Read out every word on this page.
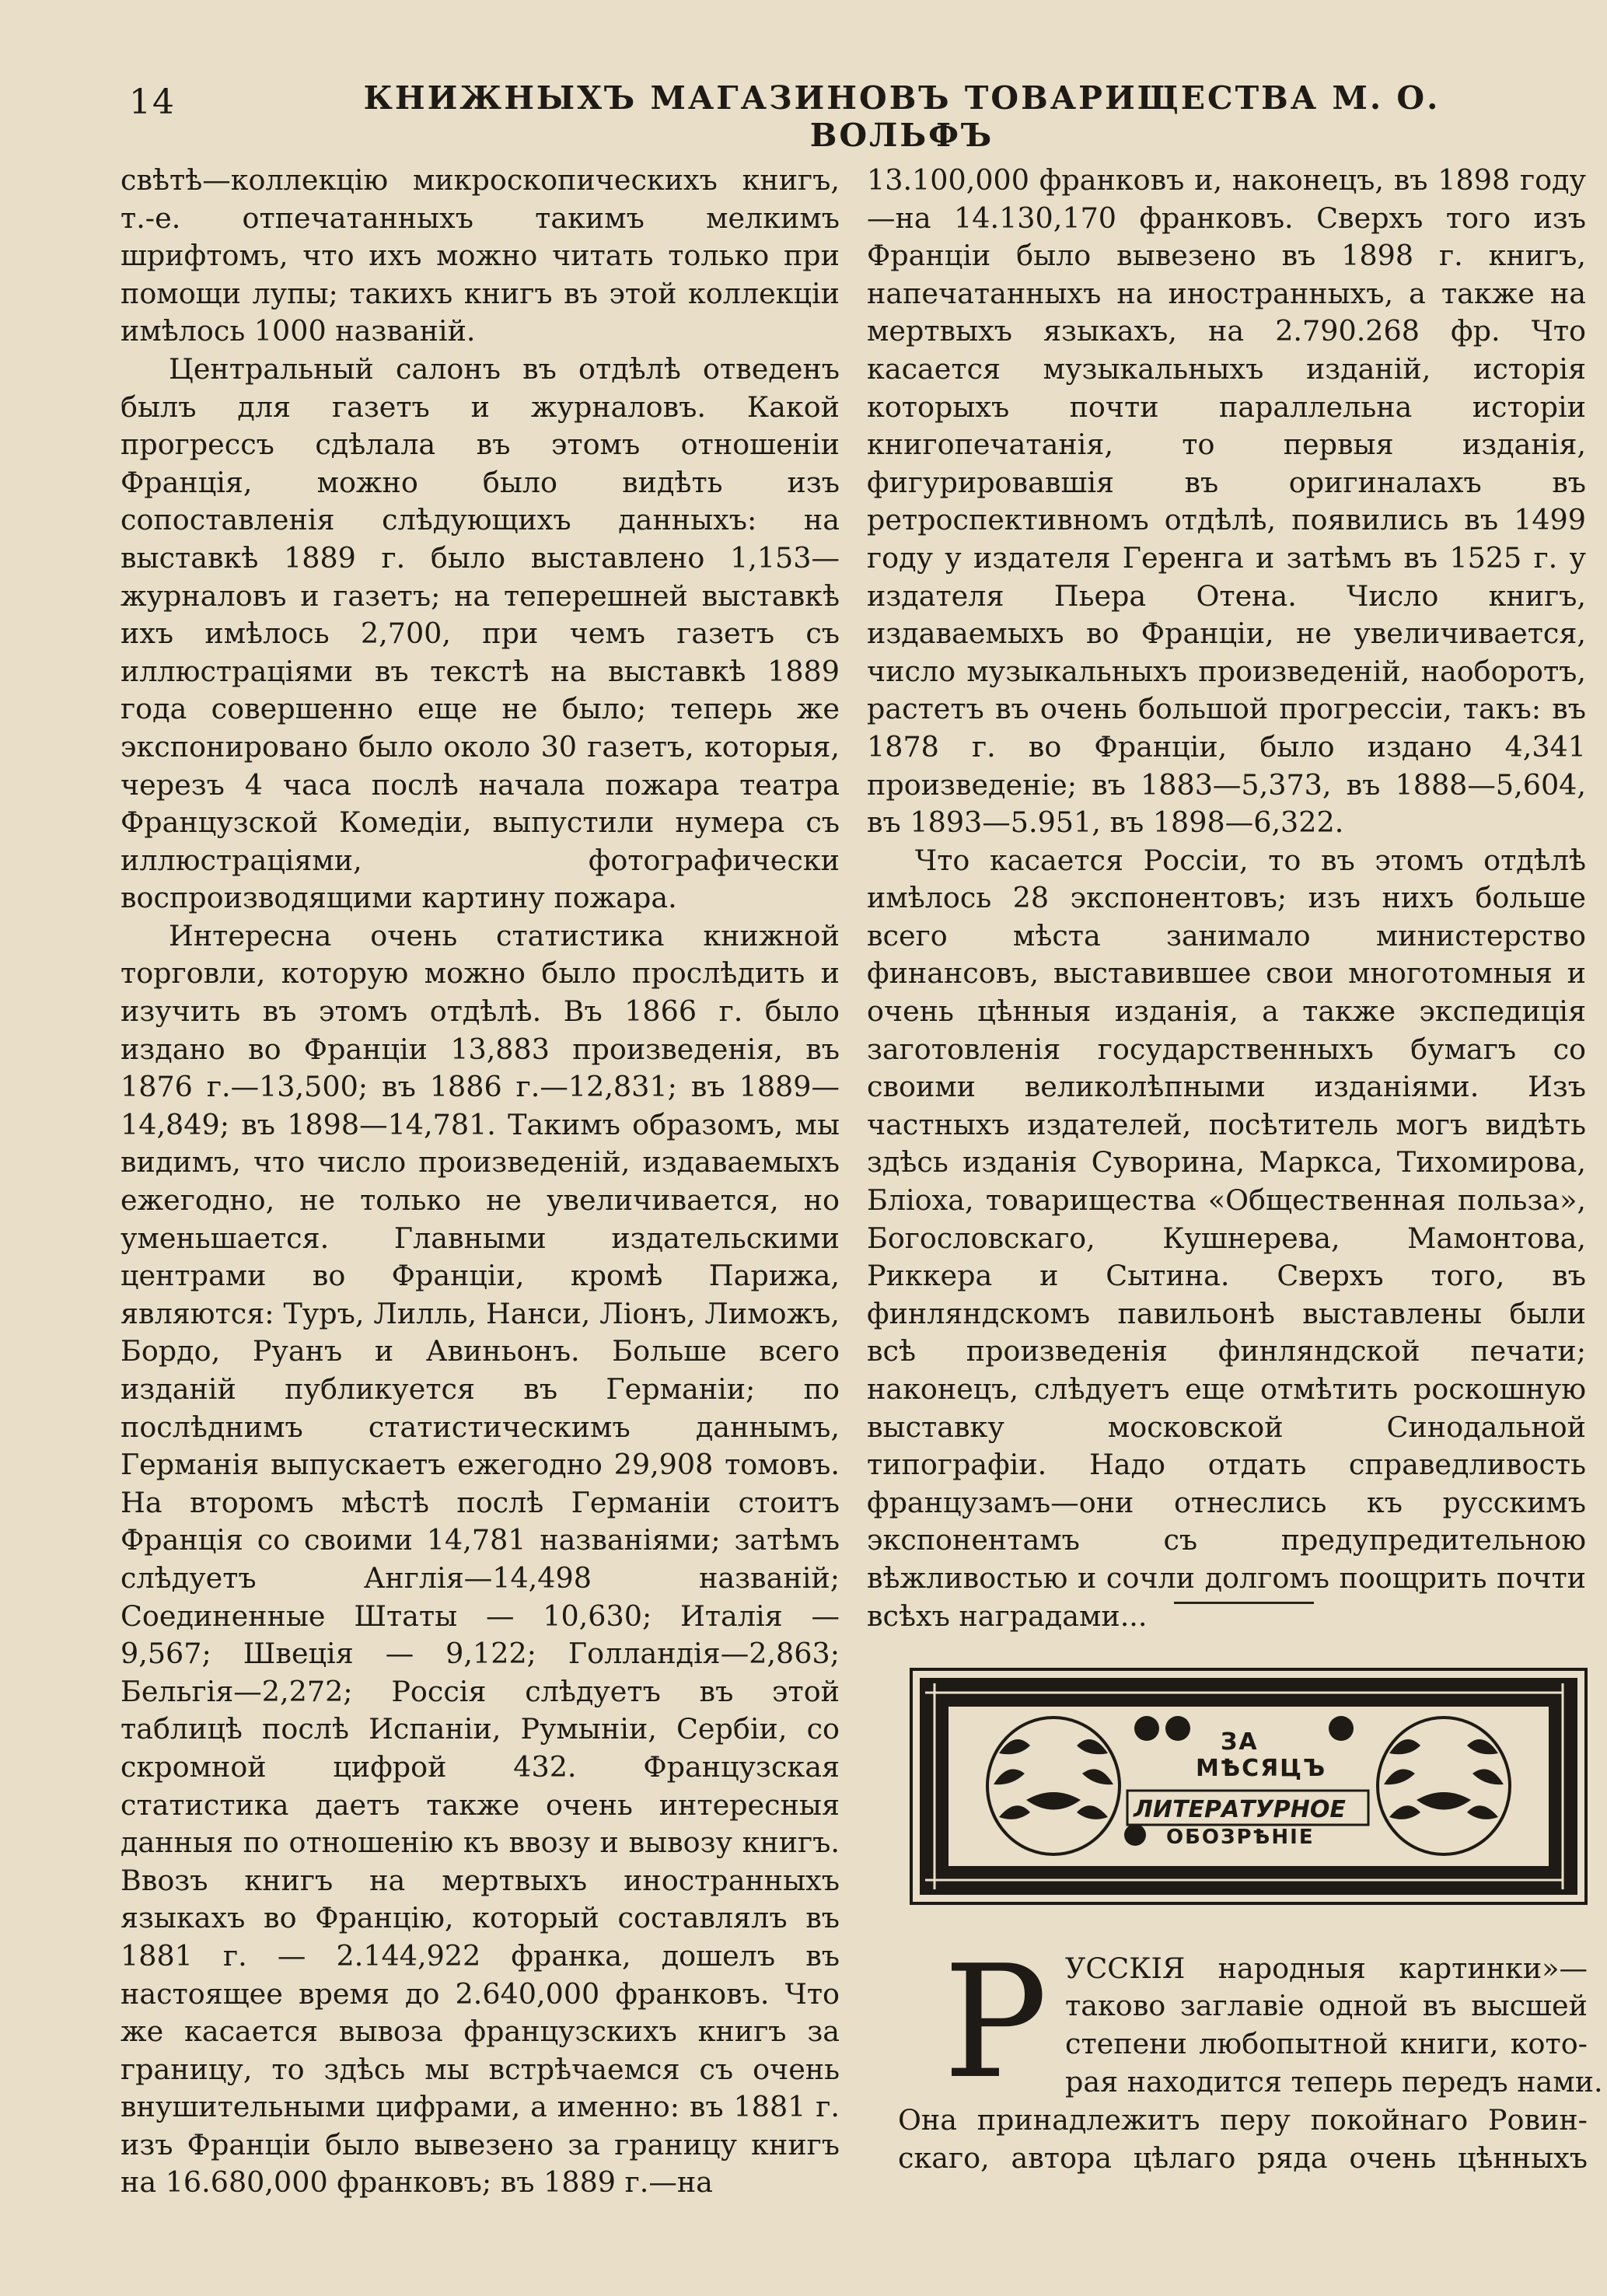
14	КНИЖНЫХЪ МАГАЗИНОВЪ ТОВАРИЩЕСТВА М. О. ВОЛЬФЪ

свѣтѣ—коллекцію микроскопическихъ книгъ, т.-е. отпечатанныхъ такимъ мелкимъ шрифтомъ, что ихъ можно читать только при помощи лупы; такихъ книгъ въ этой коллекціи имѣлось 1000 названій.

Центральный салонъ въ отдѣлѣ отведенъ былъ для газетъ и журналовъ. Какой прогрессъ сдѣлала въ этомъ отношеніи Франція, можно было видѣть изъ сопоставленія слѣдующихъ данныхъ: на выставкѣ 1889 г. было выставлено 1,153—журналовъ и газетъ; на теперешней выставкѣ ихъ имѣлось 2,700, при чемъ газетъ съ иллюстраціями въ текстѣ на выставкѣ 1889 года совершенно еще не было; теперь же экспонировано было около 30 газетъ, которыя, черезъ 4 часа послѣ начала пожара театра Французской Комедіи, выпустили нумера съ иллюстраціями, фотографически воспроизводящими картину пожара.

Интересна очень статистика книжной торговли, которую можно было прослѣдить и изучить въ этомъ отдѣлѣ. Въ 1866 г. было издано во Франціи 13,883 произведенія, въ 1876 г.—13,500; въ 1886 г.—12,831; въ 1889—14,849; въ 1898—14,781. Такимъ образомъ, мы видимъ, что число произведеній, издаваемыхъ ежегодно, не только не увеличивается, но уменьшается. Главными издательскими центрами во Франціи, кромѣ Парижа, являются: Туръ, Лилль, Нанси, Ліонъ, Лиможъ, Бордо, Руанъ и Авиньонъ. Больше всего изданій публикуется въ Германіи; по послѣднимъ статистическимъ даннымъ, Германія выпускаетъ ежегодно 29,908 томовъ. На второмъ мѣстѣ послѣ Германіи стоитъ Франція со своими 14,781 названіями; затѣмъ слѣдуетъ Англія—14,498 названій; Соединенные Штаты — 10,630; Италія — 9,567; Швеція — 9,122; Голландія—2,863; Бельгія—2,272; Россія слѣдуетъ въ этой таблицѣ послѣ Испаніи, Румыніи, Сербіи, со скромной цифрой 432. Французская статистика даетъ также очень интересныя данныя по отношенію къ ввозу и вывозу книгъ. Ввозъ книгъ на мертвыхъ иностранныхъ языкахъ во Францію, который составлялъ въ 1881 г. — 2.144,922 франка, дошелъ въ настоящее время до 2.640,000 франковъ. Что же касается вывоза французскихъ книгъ за границу, то здѣсь мы встрѣчаемся съ очень внушительными цифрами, а именно: въ 1881 г. изъ Франціи было вывезено за границу книгъ на 16.680,000 франковъ; въ 1889 г.—на

13.100,000 франковъ и, наконецъ, въ 1898 году—на 14.130,170 франковъ. Сверхъ того изъ Франціи было вывезено въ 1898 г. книгъ, напечатанныхъ на иностранныхъ, а также на мертвыхъ языкахъ, на 2.790.268 фр. Что касается музыкальныхъ изданій, исторія которыхъ почти параллельна исторіи книгопечатанія, то первыя изданія, фигурировавшія въ оригиналахъ въ ретроспективномъ отдѣлѣ, появились въ 1499 году у издателя Геренга и затѣмъ въ 1525 г. у издателя Пьера Отена. Число книгъ, издаваемыхъ во Франціи, не увеличивается, число музыкальныхъ произведеній, наоборотъ, растетъ въ очень большой прогрессіи, такъ: въ 1878 г. во Франціи, было издано 4,341 произведеніе; въ 1883—5,373, въ 1888—5,604, въ 1893—5.951, въ 1898—6,322.

Что касается Россіи, то въ этомъ отдѣлѣ имѣлось 28 экспонентовъ; изъ нихъ больше всего мѣста занимало министерство финансовъ, выставившее свои многотомныя и очень цѣнныя изданія, а также экспедиція заготовленія государственныхъ бумагъ со своими великолѣпными изданіями. Изъ частныхъ издателей, посѣтитель могъ видѣть здѣсь изданія Суворина, Маркса, Тихомирова, Бліоха, товарищества «Общественная польза», Богословскаго, Кушнерева, Мамонтова, Риккера и Сытина. Сверхъ того, въ финляндскомъ павильонѣ выставлены были всѣ произведенія финляндской печати; наконецъ, слѣдуетъ еще отмѣтить роскошную выставку московской Синодальной типографіи. Надо отдать справедливость французамъ—они отнеслись къ русскимъ экспонентамъ съ предупредительною вѣжливостью и сочли долгомъ поощрить почти всѣхъ наградами...

ЗА
МѢСЯЦЪ
ЛИТЕРАТУРНОЕ
ОБОЗРѢНІЕ
Р УССКІЯ народныя картинки»—
таково заглавіе одной въ высшей
степени любопытной книги, кото-
рая находится теперь передъ нами.
Она принадлежитъ перу покойнаго Ровин-
скаго, автора цѣлаго ряда очень цѣнныхъ
